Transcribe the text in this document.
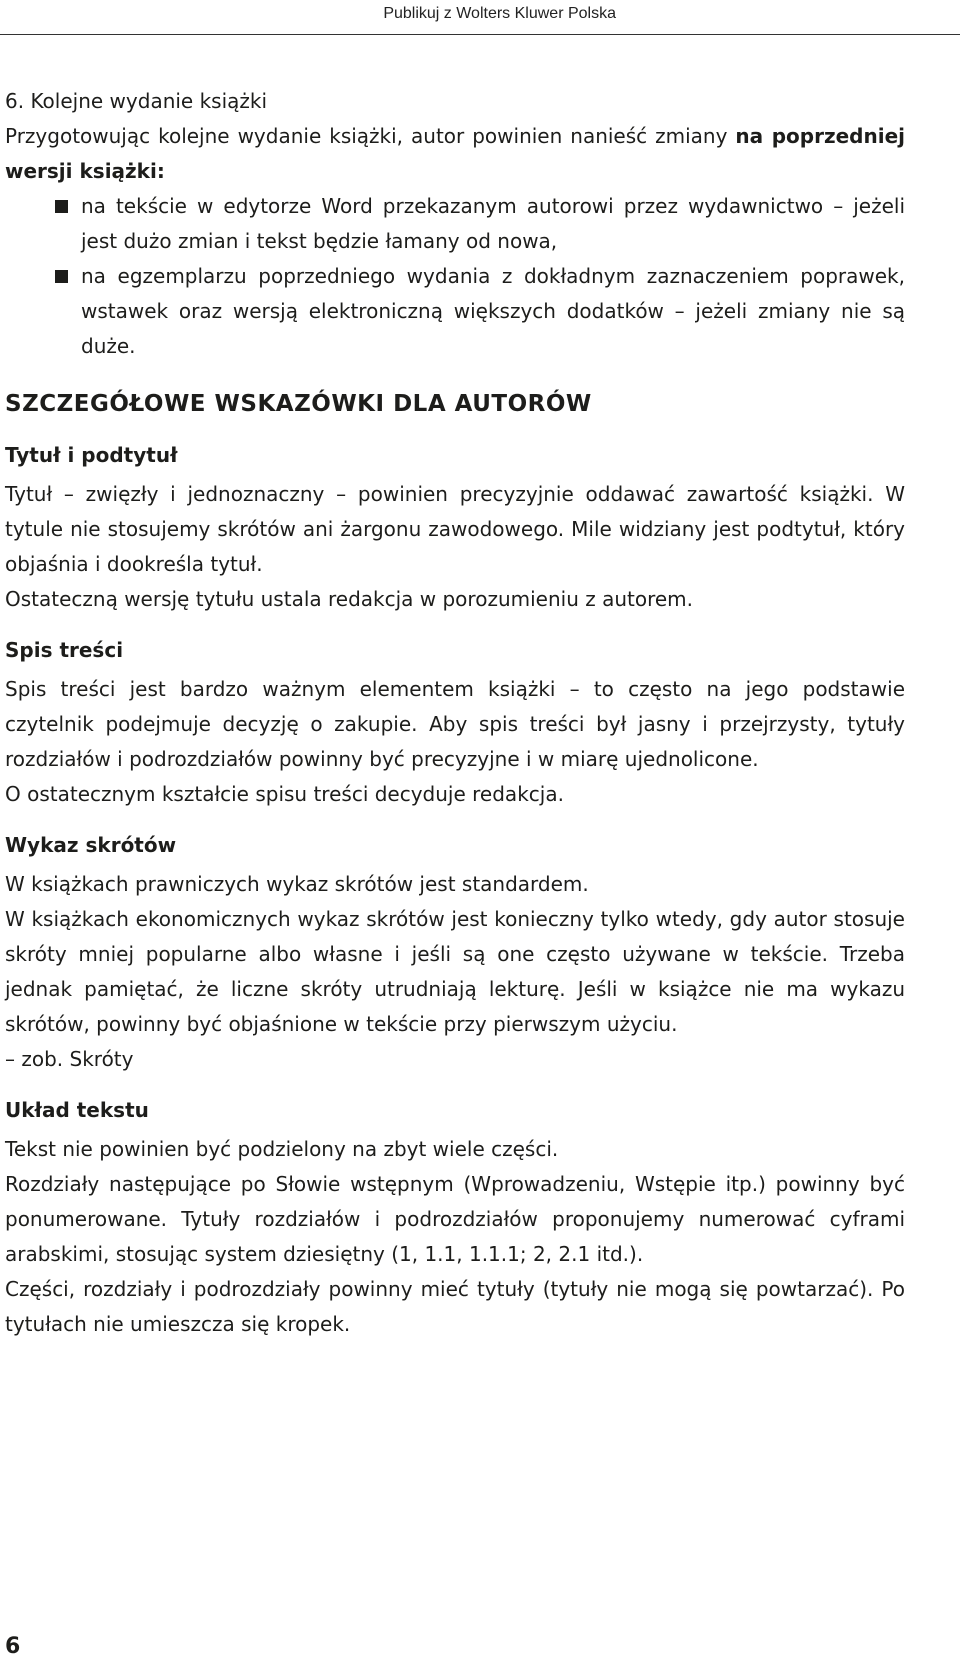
Publikuj z Wolters Kluwer Polska

6. Kolejne wydanie książki

Przygotowując kolejne wydanie książki, autor powinien nanieść zmiany na poprzedniej wersji książki:

na tekście w edytorze Word przekazanym autorowi przez wydawnictwo – jeżeli jest dużo zmian i tekst będzie łamany od nowa,
na egzemplarzu poprzedniego wydania z dokładnym zaznaczeniem poprawek, wstawek oraz wersją elektroniczną większych dodatków – jeżeli zmiany nie są duże.
SZCZEGÓŁOWE WSKAZÓWKI DLA AUTORÓW
Tytuł i podtytuł

Tytuł – zwięzły i jednoznaczny – powinien precyzyjnie oddawać zawartość książki. W tytule nie stosujemy skrótów ani żargonu zawodowego. Mile widziany jest podtytuł, który objaśnia i dookreśla tytuł.

Ostateczną wersję tytułu ustala redakcja w porozumieniu z autorem.

Spis treści

Spis treści jest bardzo ważnym elementem książki – to często na jego podstawie czytelnik podejmuje decyzję o zakupie. Aby spis treści był jasny i przejrzysty, tytuły rozdziałów i podrozdziałów powinny być precyzyjne i w miarę ujednolicone.

O ostatecznym kształcie spisu treści decyduje redakcja.

Wykaz skrótów

W książkach prawniczych wykaz skrótów jest standardem.

W książkach ekonomicznych wykaz skrótów jest konieczny tylko wtedy, gdy autor stosuje skróty mniej popularne albo własne i jeśli są one często używane w tekście. Trzeba jednak pamiętać, że liczne skróty utrudniają lekturę. Jeśli w książce nie ma wykazu skrótów, powinny być objaśnione w tekście przy pierwszym użyciu.

– zob. Skróty

Układ tekstu

Tekst nie powinien być podzielony na zbyt wiele części.

Rozdziały następujące po Słowie wstępnym (Wprowadzeniu, Wstępie itp.) powinny być ponumerowane. Tytuły rozdziałów i podrozdziałów proponujemy numerować cyframi arabskimi, stosując system dziesiętny (1, 1.1, 1.1.1; 2, 2.1 itd.).

Części, rozdziały i podrozdziały powinny mieć tytuły (tytuły nie mogą się powtarzać). Po tytułach nie umieszcza się kropek.

6
